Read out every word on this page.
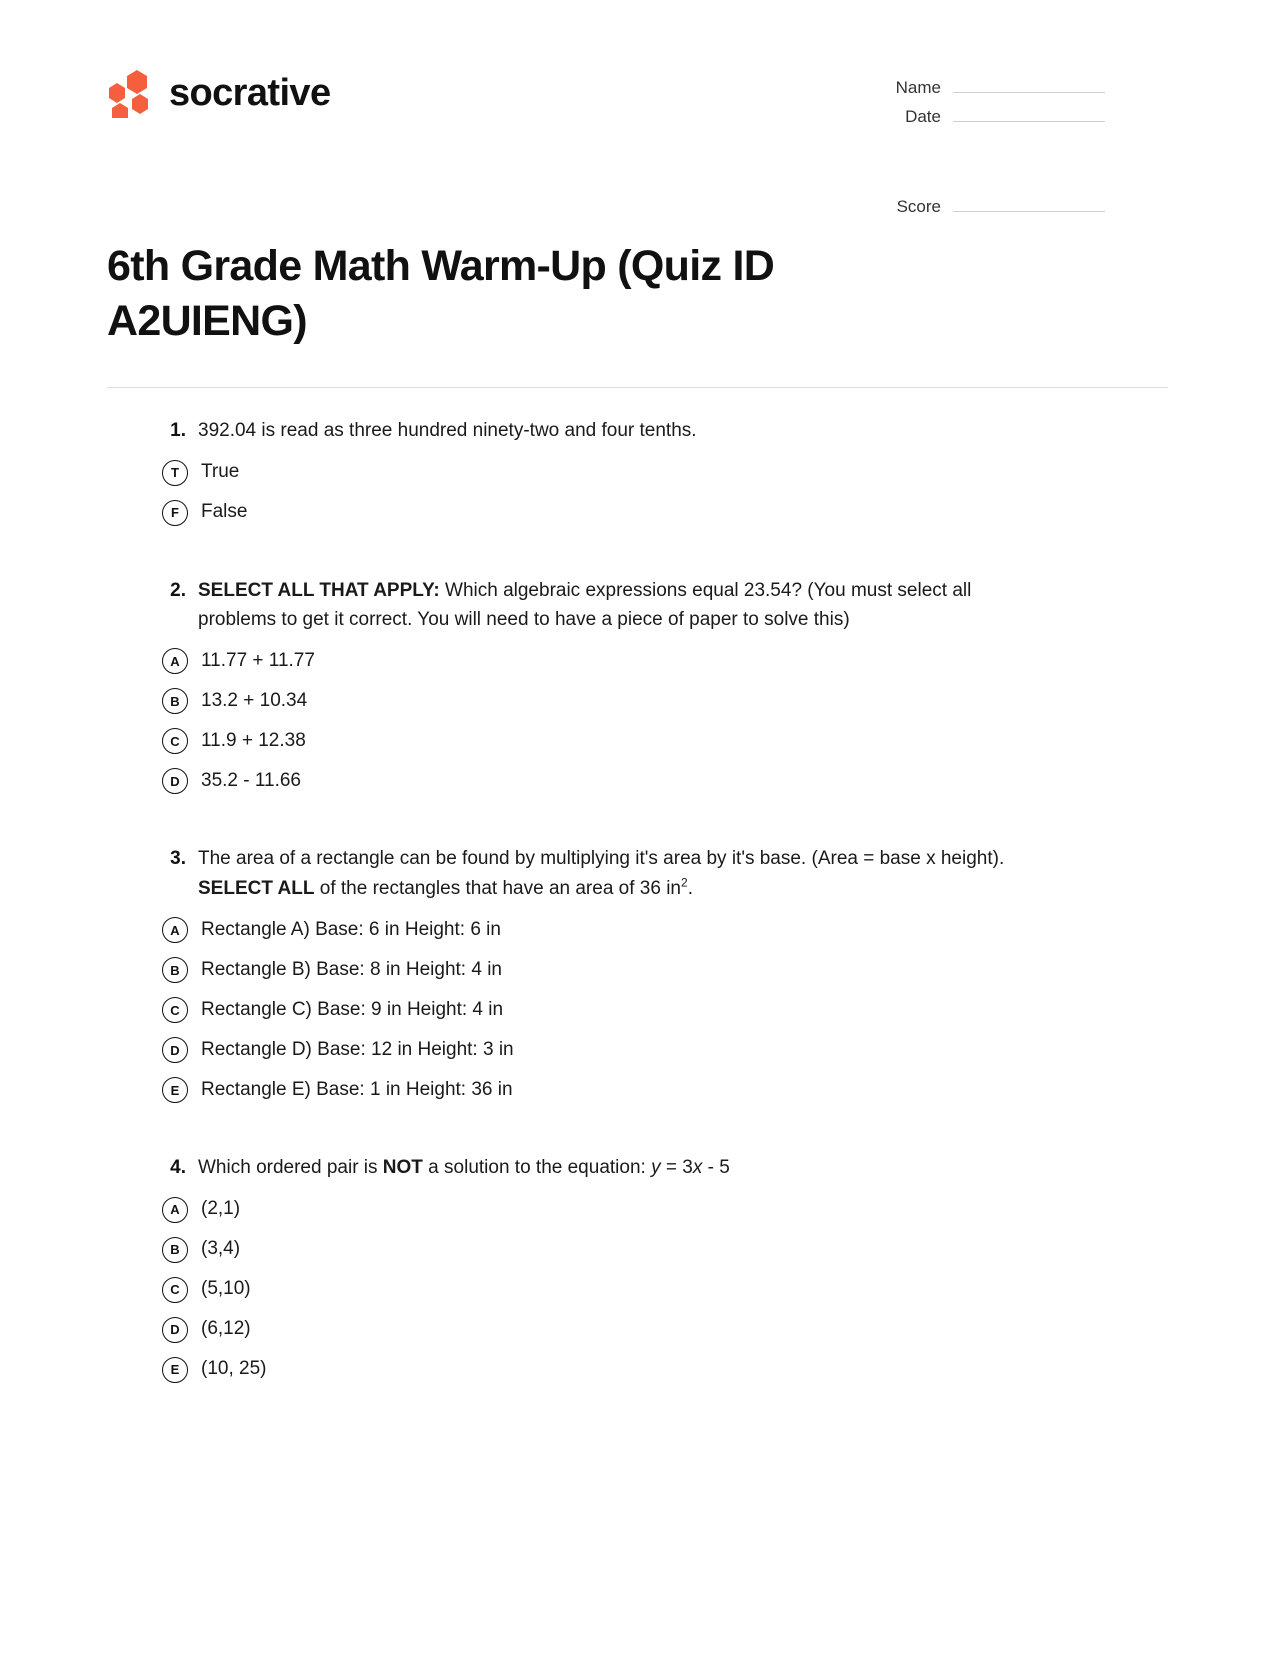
socrative	Name
Date
Score
6th Grade Math Warm-Up (Quiz ID A2UIENG)
1. 392.04 is read as three hundred ninety-two and four tenths.
T	True
F	False
2. SELECT ALL THAT APPLY: Which algebraic expressions equal 23.54? (You must select all problems to get it correct. You will need to have a piece of paper to solve this)
A	11.77 + 11.77
B	13.2 + 10.34
C	11.9 + 12.38
D	35.2 - 11.66
3. The area of a rectangle can be found by multiplying it's area by it's base. (Area = base x height). SELECT ALL of the rectangles that have an area of 36 $in^2$.
A	Rectangle A) Base: 6 in Height: 6 in
B	Rectangle B) Base: 8 in Height: 4 in
C	Rectangle C) Base: 9 in Height: 4 in
D	Rectangle D) Base: 12 in Height: 3 in
E	Rectangle E) Base: 1 in Height: 36 in
4. Which ordered pair is NOT a solution to the equation: y = 3x - 5
A	(2,1)
B	(3,4)
C	(5,10)
D	(6,12)
E	(10, 25)
